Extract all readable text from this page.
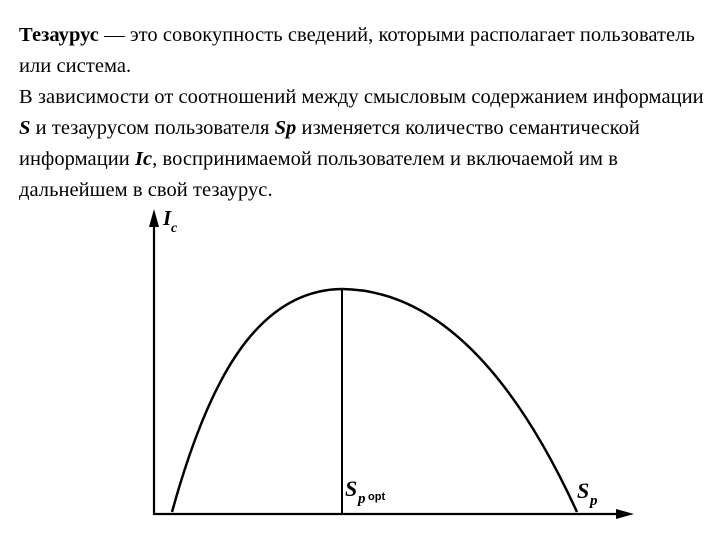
Тезаурус — это совокупность сведений, которыми располагает пользователь или система.

В зависимости от соотношений между смысловым содержанием информации S и тезаурусом пользователя Sp изменяется количество семантической информации Ic, воспринимаемой пользователем и включаемой им в дальнейшем в свой тезаурус.

I c
S p opt	S p
